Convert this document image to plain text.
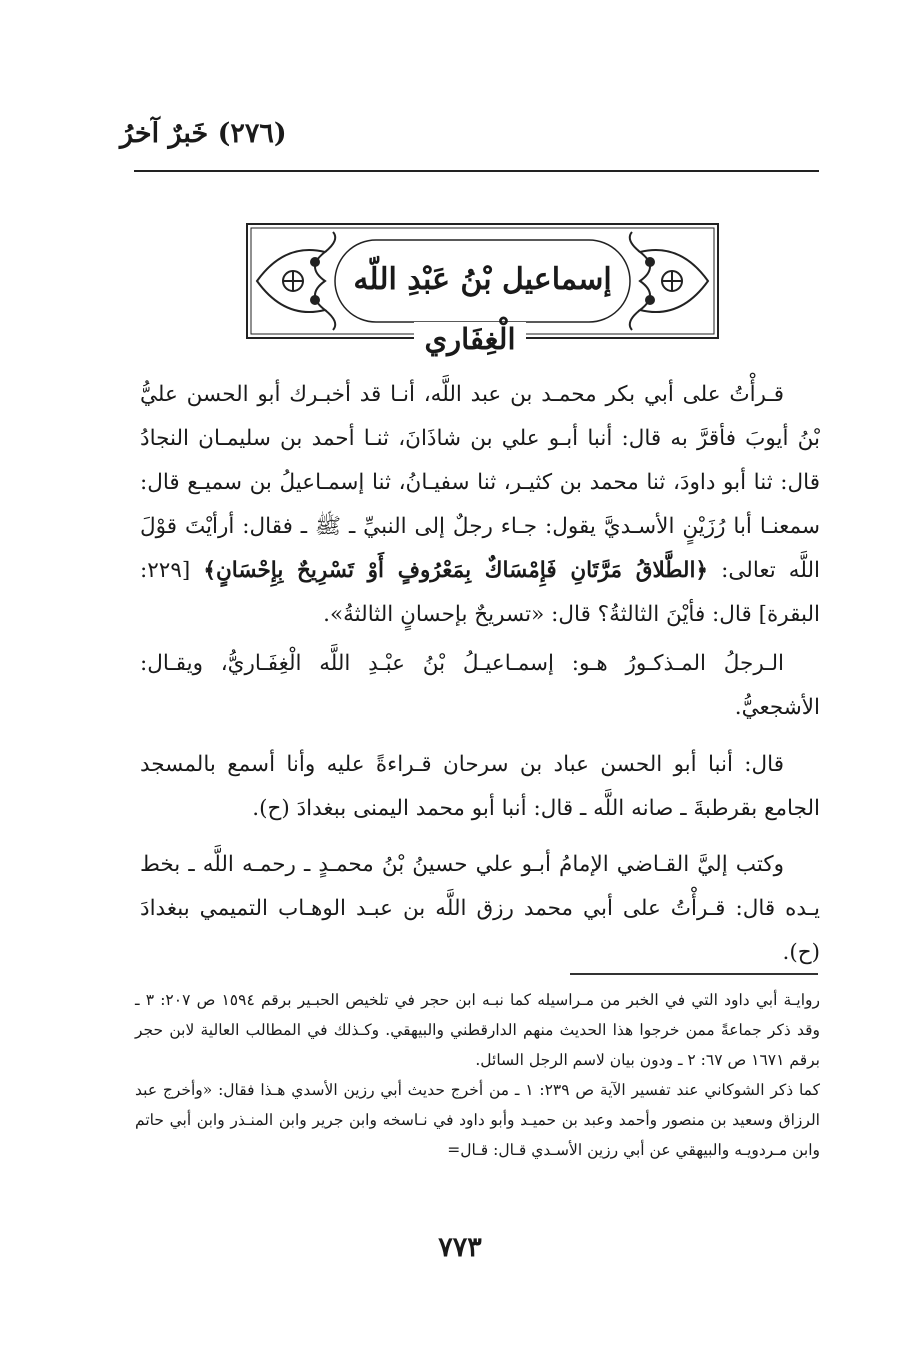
(٢٧٦) خَبرٌ آخرُ
إسماعيل بْنُ عَبْدِ اللّه
الْغِفَاري
قـرأْتُ على أبي بكر محمـد بن عبد اللَّه، أنـا قد أخبـرك أبو الحسن عليُّ بْنُ أيوبَ فأقرَّ به قال: أنبا أبـو علي بن شاذَانَ، ثنـا أحمد بن سليمـان النجادُ قال: ثنا أبو داودَ، ثنا محمد بن كثيـر، ثنا سفيـانُ، ثنا إسمـاعيلُ بن سميـع قال: سمعنـا أبا رُزَيْنٍ الأسـديَّ يقول: جـاء رجلٌ إلى النبيِّ ـ ﷺ ـ فقال: أرأيْتَ قوْلَ اللَّه تعالى: ﴿الطَّلاقُ مَرَّتَانِ فَإِمْسَاكٌ بِمَعْرُوفٍ أَوْ تَسْرِيحٌ بِإِحْسَانٍ﴾ [٢٢٩: البقرة] قال: فأيْنَ الثالثةُ؟ قال: «تسريحٌ بإحسانٍ الثالثةُ».
الـرجلُ المـذكـورُ هـو: إسمـاعيـلُ بْنُ عبْـدِ اللَّه الْغِفَـاريُّ، ويقـال: الأشجعيُّ.
قال: أنبا أبو الحسن عباد بن سرحان قـراءةً عليه وأنا أسمع بالمسجد الجامع بقرطبةَ ـ صانه اللَّه ـ قال: أنبا أبو محمد اليمنى ببغدادَ (ح).
وكتب إليَّ القـاضي الإمامُ أبـو علي حسينُ بْنُ محمـدٍ ـ رحمـه اللَّه ـ بخط يـده قال: قـرأْتُ على أبي محمد رزق اللَّه بن عبـد الوهـاب التميمي ببغدادَ (ح).

روايـة أبي داود التي في الخبر من مـراسيله كما نبـه ابن حجر في تلخيص الحبـير برقم ١٥٩٤ ص ٢٠٧: ٣ ـ وقد ذكر جماعةً ممن خرجوا هذا الحديث منهم الدارقطني والبيهقي. وكـذلك في المطالب العالية لابن حجر برقم ١٦٧١ ص ٦٧: ٢ ـ ودون بيان لاسم الرجل السائل.

كما ذكر الشوكاني عند تفسير الآية ص ٢٣٩: ١ ـ من أخرج حديث أبي رزين الأسدي هـذا فقال: «وأخرج عبد الرزاق وسعيد بن منصور وأحمد وعبد بن حميـد وأبو داود في نـاسخه وابن جرير وابن المنـذر وابن أبي حاتم وابن مـردويـه والبيهقي عن أبي رزين الأسـدي قـال: قـال=

٧٧٣
